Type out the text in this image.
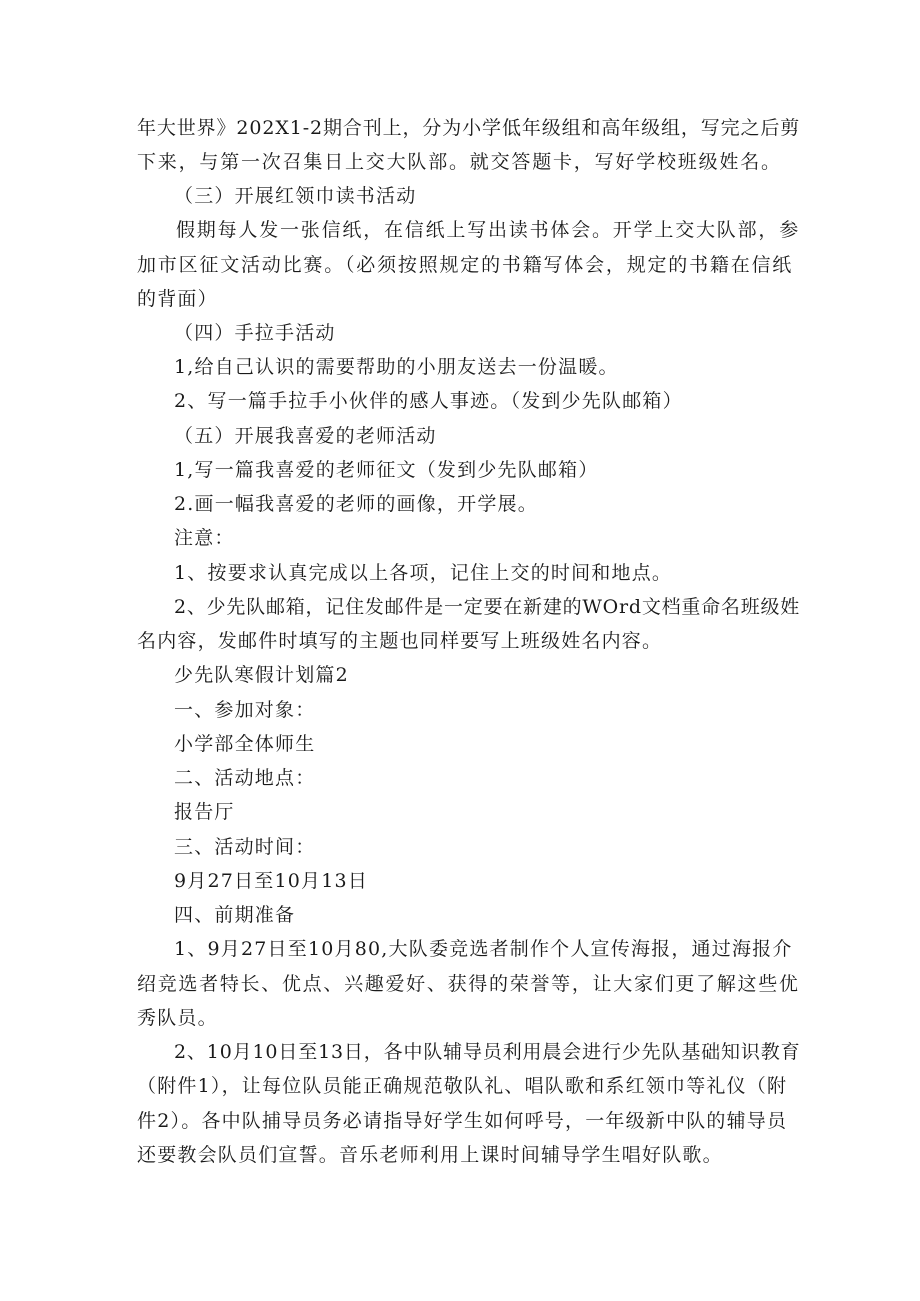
年大世界》202X1-2期合刊上，分为小学低年级组和高年级组，写完之后剪
下来，与第一次召集日上交大队部。就交答题卡，写好学校班级姓名。
（三）开展红领巾读书活动
假期每人发一张信纸，在信纸上写出读书体会。开学上交大队部，参
加市区征文活动比赛。（必须按照规定的书籍写体会，规定的书籍在信纸
的背面）
（四）手拉手活动
1,给自己认识的需要帮助的小朋友送去一份温暖。
2、写一篇手拉手小伙伴的感人事迹。（发到少先队邮箱）
（五）开展我喜爱的老师活动
1,写一篇我喜爱的老师征文（发到少先队邮箱）
2.画一幅我喜爱的老师的画像，开学展。
注意：
1、按要求认真完成以上各项，记住上交的时间和地点。
2、少先队邮箱，记住发邮件是一定要在新建的WOrd文档重命名班级姓
名内容，发邮件时填写的主题也同样要写上班级姓名内容。
少先队寒假计划篇2
一、参加对象：
小学部全体师生
二、活动地点：
报告厅
三、活动时间：
9月27日至10月13日
四、前期准备
1、9月27日至10月80,大队委竞选者制作个人宣传海报，通过海报介
绍竞选者特长、优点、兴趣爱好、获得的荣誉等，让大家们更了解这些优
秀队员。
2、10月10日至13日，各中队辅导员利用晨会进行少先队基础知识教育
（附件1），让每位队员能正确规范敬队礼、唱队歌和系红领巾等礼仪（附
件2）。各中队捕导员务必请指导好学生如何呼号，一年级新中队的辅导员
还要教会队员们宣誓。音乐老师利用上课时间辅导学生唱好队歌。
